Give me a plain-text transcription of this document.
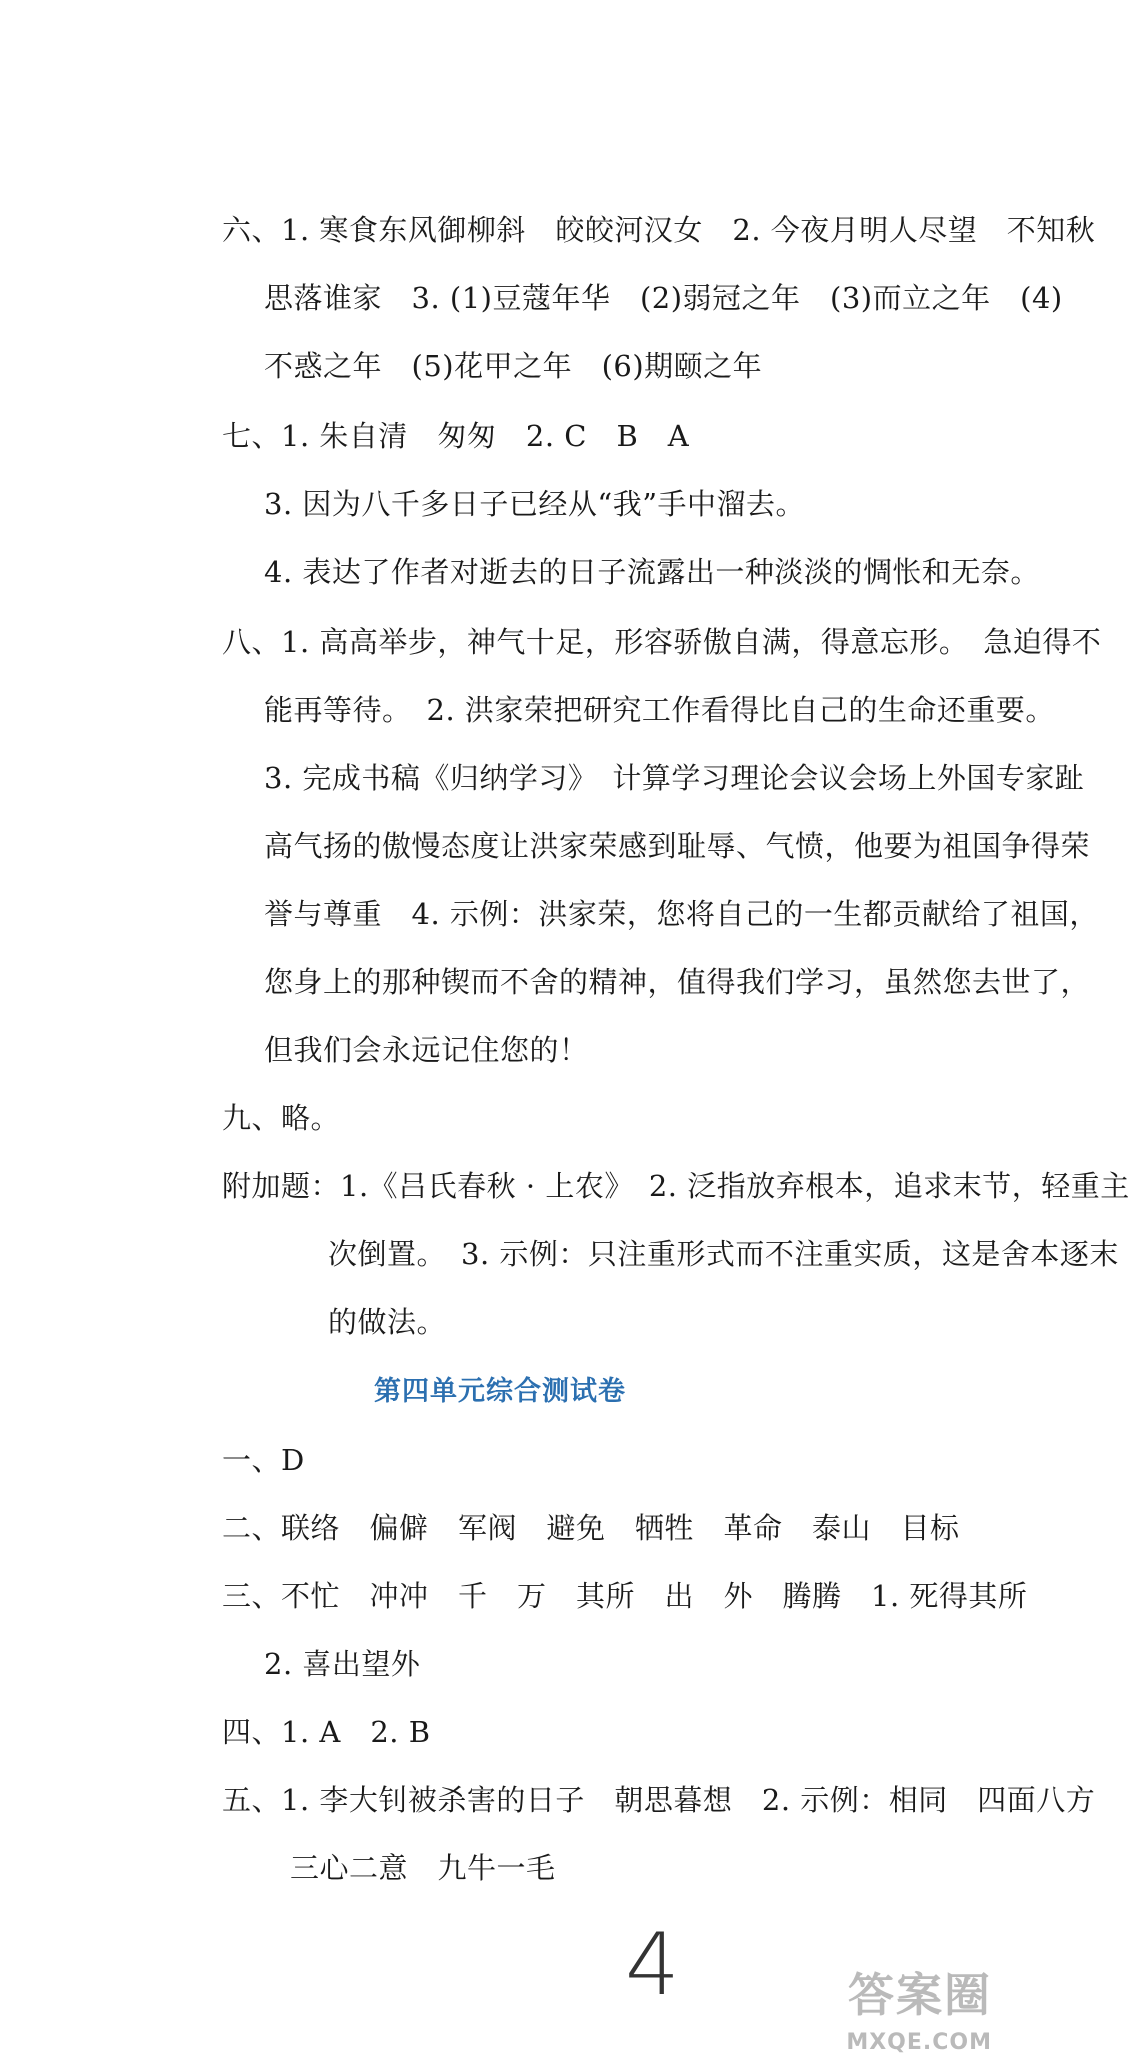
六、1. 寒食东风御柳斜　皎皎河汉女　2. 今夜月明人尽望　不知秋
思落谁家　3. (1)豆蔻年华　(2)弱冠之年　(3)而立之年　(4)
不惑之年　(5)花甲之年　(6)期颐之年
七、1. 朱自清　匆匆　2. C　B　A
3. 因为八千多日子已经从“我”手中溜去。
4. 表达了作者对逝去的日子流露出一种淡淡的惆怅和无奈。
八、1. 高高举步，神气十足，形容骄傲自满，得意忘形。　急迫得不
能再等待。　2. 洪家荣把研究工作看得比自己的生命还重要。
3. 完成书稿《归纳学习》　计算学习理论会议会场上外国专家趾
高气扬的傲慢态度让洪家荣感到耻辱、气愤，他要为祖国争得荣
誉与尊重　4. 示例：洪家荣，您将自己的一生都贡献给了祖国，
您身上的那种锲而不舍的精神，值得我们学习，虽然您去世了，
但我们会永远记住您的！
九、略。
附加题：1.《吕氏春秋 · 上农》　2. 泛指放弃根本，追求末节，轻重主
次倒置。　3. 示例：只注重形式而不注重实质，这是舍本逐末
的做法。
第四单元综合测试卷
一、D
二、联络　偏僻　军阀　避免　牺牲　革命　泰山　目标
三、不忙　冲冲　千　万　其所　出　外　腾腾　1. 死得其所
2. 喜出望外
四、1. A　2. B
五、1. 李大钊被杀害的日子　朝思暮想　2. 示例：相同　四面八方
三心二意　九牛一毛
4	答案圈
MXQE.COM
